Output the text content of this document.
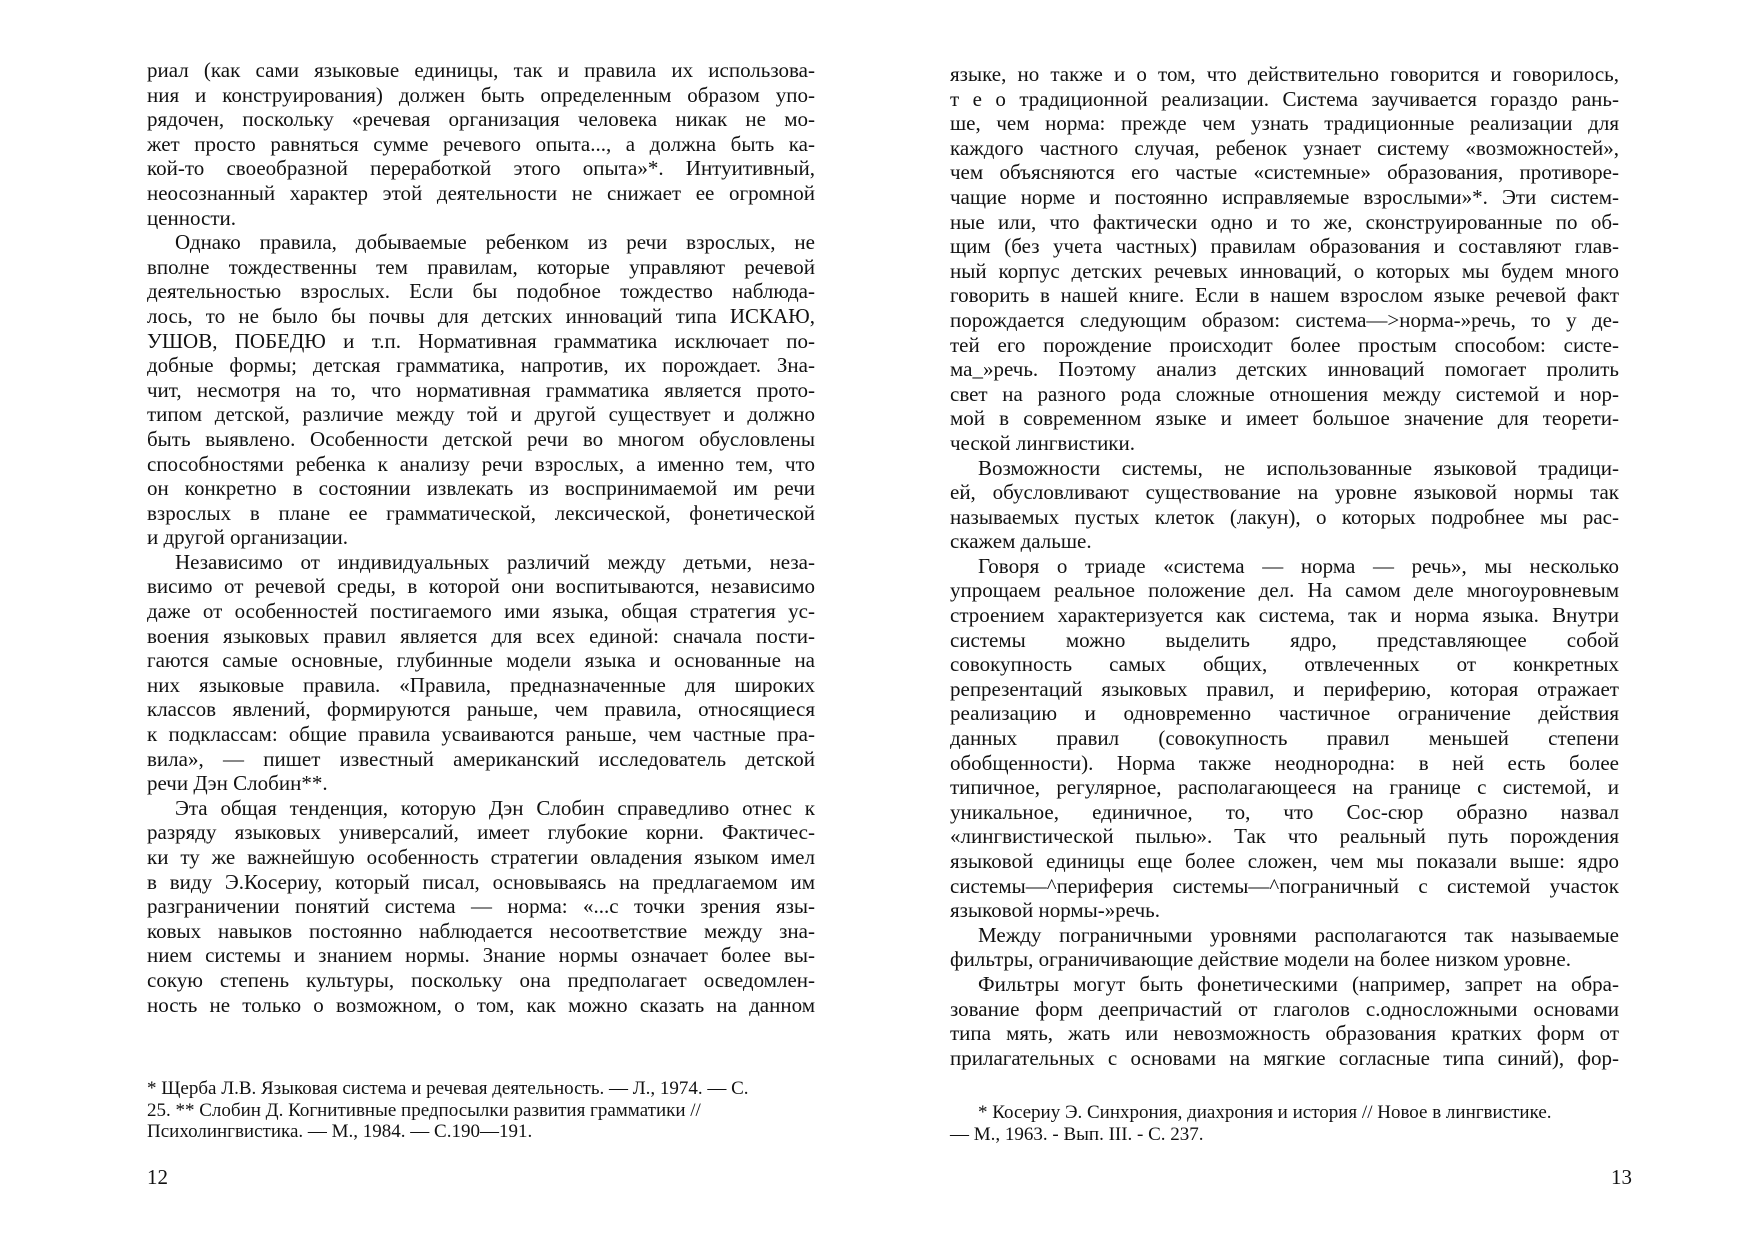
риал (как сами языковые единицы, так и правила их использова-
ния и конструирования) должен быть определенным образом упо-
рядочен, поскольку «речевая организация человека никак не мо-
жет просто равняться сумме речевого опыта..., а должна быть ка-
кой-то своеобразной переработкой этого опыта»*. Интуитивный,
неосознанный характер этой деятельности не снижает ее огромной
ценности.
Однако правила, добываемые ребенком из речи взрослых, не
вполне тождественны тем правилам, которые управляют речевой
деятельностью взрослых. Если бы подобное тождество наблюда-
лось, то не было бы почвы для детских инноваций типа ИСКАЮ,
УШОВ, ПОБЕДЮ и т.п. Нормативная грамматика исключает по-
добные формы; детская грамматика, напротив, их порождает. Зна-
чит, несмотря на то, что нормативная грамматика является прото-
типом детской, различие между той и другой существует и должно
быть выявлено. Особенности детской речи во многом обусловлены
способностями ребенка к анализу речи взрослых, а именно тем, что
он конкретно в состоянии извлекать из воспринимаемой им речи
взрослых в плане ее грамматической, лексической, фонетической
и другой организации.
Независимо от индивидуальных различий между детьми, неза-
висимо от речевой среды, в которой они воспитываются, независимо
даже от особенностей постигаемого ими языка, общая стратегия ус-
воения языковых правил является для всех единой: сначала пости-
гаются самые основные, глубинные модели языка и основанные на
них языковые правила. «Правила, предназначенные для широких
классов явлений, формируются раньше, чем правила, относящиеся
к подклассам: общие правила усваиваются раньше, чем частные пра-
вила», — пишет известный американский исследователь детской
речи Дэн Слобин**.
Эта общая тенденция, которую Дэн Слобин справедливо отнес к
разряду языковых универсалий, имеет глубокие корни. Фактичес-
ки ту же важнейшую особенность стратегии овладения языком имел
в виду Э.Косериу, который писал, основываясь на предлагаемом им
разграничении понятий система — норма: «...с точки зрения язы-
ковых навыков постоянно наблюдается несоответствие между зна-
нием системы и знанием нормы. Знание нормы означает более вы-
сокую степень культуры, поскольку она предполагает осведомлен-
ность не только о возможном, о том, как можно сказать на данном
* Щерба Л.В. Языковая система и речевая деятельность. — Л., 1974. — С.
25. ** Слобин Д. Когнитивные предпосылки развития грамматики //
Психолингвистика. — М., 1984. — С.190—191.
12
языке, но также и о том, что действительно говорится и говорилось,
т е о традиционной реализации. Система заучивается гораздо рань-
ше, чем норма: прежде чем узнать традиционные реализации для
каждого частного случая, ребенок узнает систему «возможностей»,
чем объясняются его частые «системные» образования, противоре-
чащие норме и постоянно исправляемые взрослыми»*. Эти систем-
ные или, что фактически одно и то же, сконструированные по об-
щим (без учета частных) правилам образования и составляют глав-
ный корпус детских речевых инноваций, о которых мы будем много
говорить в нашей книге. Если в нашем взрослом языке речевой факт
порождается следующим образом: система—>норма-»речь, то у де-
тей его порождение происходит более простым способом: систе-
ма_»речь. Поэтому анализ детских инноваций помогает пролить
свет на разного рода сложные отношения между системой и нор-
мой в современном языке и имеет большое значение для теорети-
ческой лингвистики.
Возможности системы, не использованные языковой традици-
ей, обусловливают существование на уровне языковой нормы так
называемых пустых клеток (лакун), о которых подробнее мы рас-
скажем дальше.
Говоря о триаде «система — норма — речь», мы несколько
упрощаем реальное положение дел. На самом деле многоуровневым
строением характеризуется как система, так и норма языка. Внутри
системы можно выделить ядро, представляющее собой
совокупность самых общих, отвлеченных от конкретных
репрезентаций языковых правил, и периферию, которая отражает
реализацию и одновременно частичное ограничение действия
данных правил (совокупность правил меньшей степени
обобщенности). Норма также неоднородна: в ней есть более
типичное, регулярное, располагающееся на границе с системой, и
уникальное, единичное, то, что Сос-сюр образно назвал
«лингвистической пылью». Так что реальный путь порождения
языковой единицы еще более сложен, чем мы показали выше: ядро
системы—^периферия системы—^пограничный с системой участок
языковой нормы-»речь.
Между пограничными уровнями располагаются так называемые
фильтры, ограничивающие действие модели на более низком уровне.
Фильтры могут быть фонетическими (например, запрет на обра-
зование форм деепричастий от глаголов с.односложными основами
типа мять, жать или невозможность образования кратких форм от
прилагательных с основами на мягкие согласные типа синий), фор-
* Косериу Э. Синхрония, диахрония и история // Новое в лингвистике.
— М., 1963. - Вып. III. - С. 237.
13
